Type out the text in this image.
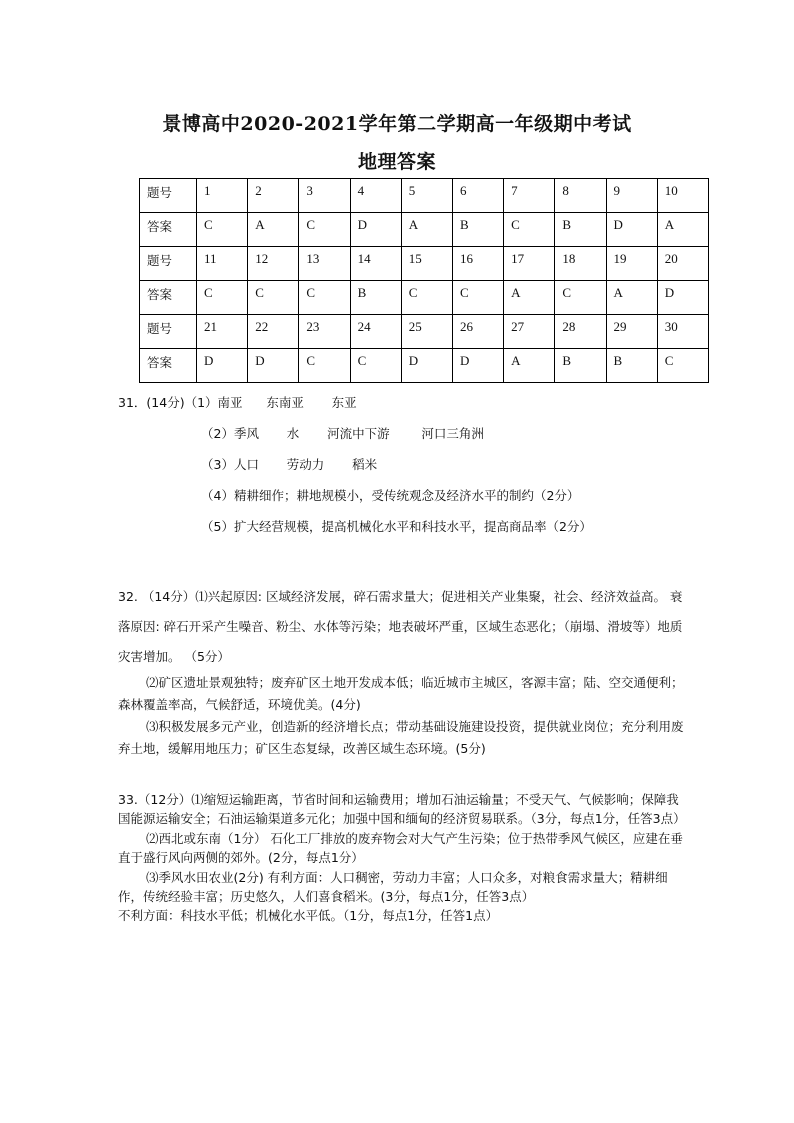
景博高中2020-2021学年第二学期高一年级期中考试
地理答案
题号	1	2	3	4	5	6	7	8	9	10
答案	C	A	C	D	A	B	C	B	D	A
题号	11	12	13	14	15	16	17	18	19	20
答案	C	C	C	B	C	C	A	C	A	D
题号	21	22	23	24	25	26	27	28	29	30
答案	D	D	C	C	D	D	A	B	B	C
31．(14分)（1）南亚      东南亚       东亚
（2）季风       水       河流中下游        河口三角洲
（3）人口       劳动力       稻米
（4）精耕细作；耕地规模小，受传统观念及经济水平的制约（2分）
（5）扩大经营规模，提高机械化水平和科技水平，提高商品率（2分）

32. （14分）⑴兴起原因: 区域经济发展，碎石需求量大；促进相关产业集聚，社会、经济效益高。 衰落原因: 碎石开采产生噪音、粉尘、水体等污染；地表破坏严重，区域生态恶化；（崩塌、滑坡等）地质灾害增加。 （5分）

⑵矿区遗址景观独特；废弃矿区土地开发成本低；临近城市主城区，客源丰富；陆、空交通便利；森林覆盖率高，气候舒适，环境优美。(4分)

⑶积极发展多元产业，创造新的经济增长点；带动基础设施建设投资，提供就业岗位；充分利用废弃土地，缓解用地压力；矿区生态复绿，改善区域生态环境。(5分)

33.（12分）⑴缩短运输距离，节省时间和运输费用；增加石油运输量；不受天气、气候影响；保障我国能源运输安全；石油运输渠道多元化；加强中国和缅甸的经济贸易联系。（3分，每点1分，任答3点）

⑵西北或东南（1分） 石化工厂排放的废弃物会对大气产生污染；位于热带季风气候区，应建在垂直于盛行风向两侧的郊外。(2分，每点1分）

⑶季风水田农业(2分) 有利方面：人口稠密，劳动力丰富；人口众多，对粮食需求量大；精耕细作，传统经验丰富；历史悠久，人们喜食稻米。(3分，每点1分，任答3点）

不利方面：科技水平低；机械化水平低。（1分，每点1分，任答1点）
